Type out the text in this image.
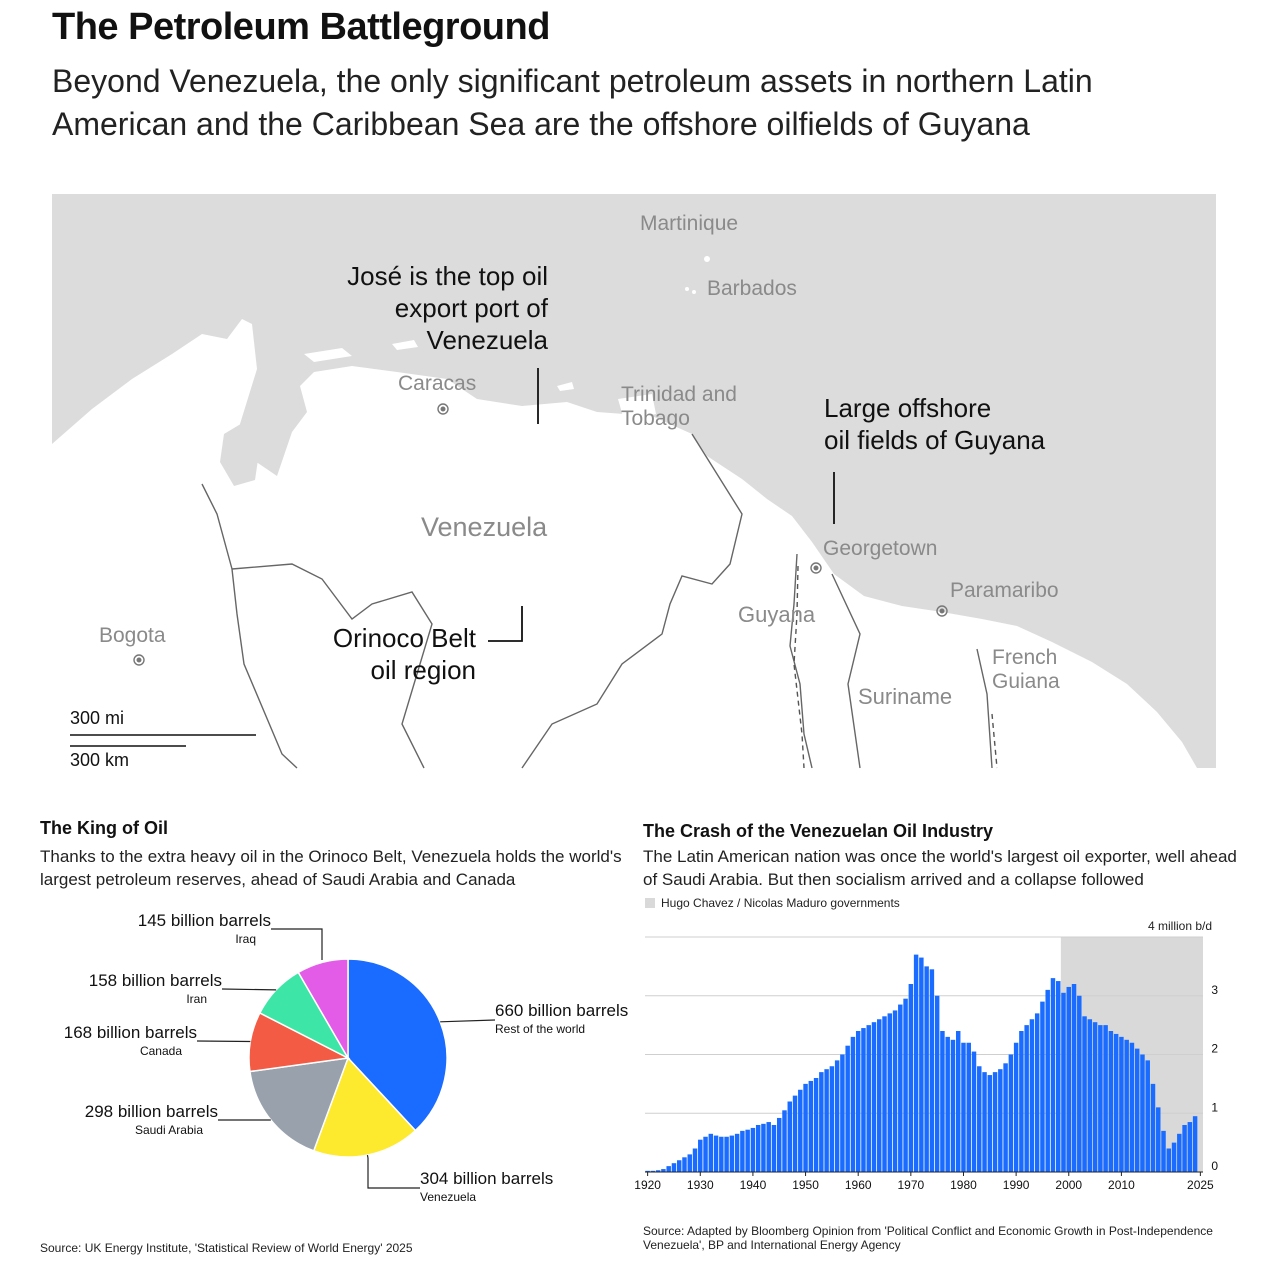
The Petroleum Battleground
Beyond Venezuela, the only significant petroleum assets in northern Latin American and the Caribbean Sea are the offshore oilfields of Guyana
Martinique
Barbados
Caracas	Trinidad and
Tobago
Venezuela
Georgetown
Paramaribo
Guyana
Suriname
French
Guiana
Bogota
José is the top oil
export port of
Venezuela
Large offshore
oil fields of Guyana
Orinoco Belt
oil region
300 mi
300 km
The King of Oil
Thanks to the extra heavy oil in the Orinoco Belt, Venezuela holds the world's largest petroleum reserves, ahead of Saudi Arabia and Canada
660 billion barrels
Rest of the world
304 billion barrels
Venezuela
298 billion barrels
Saudi Arabia
168 billion barrels
Canada
158 billion barrels
Iran
145 billion barrels
Iraq
Source: UK Energy Institute, 'Statistical Review of World Energy' 2025
The Crash of the Venezuelan Oil Industry
The Latin American nation was once the world's largest oil exporter, well ahead of Saudi Arabia. But then socialism arrived and a collapse followed
Hugo Chavez / Nicolas Maduro governments
4 million b/d
1920 1930 1940 1950 1960 1970 1980 1990 2000 2010	2025
0
1
2
3
Source: Adapted by Bloomberg Opinion from 'Political Conflict and Economic Growth in Post-Independence Venezuela', BP and International Energy Agency
